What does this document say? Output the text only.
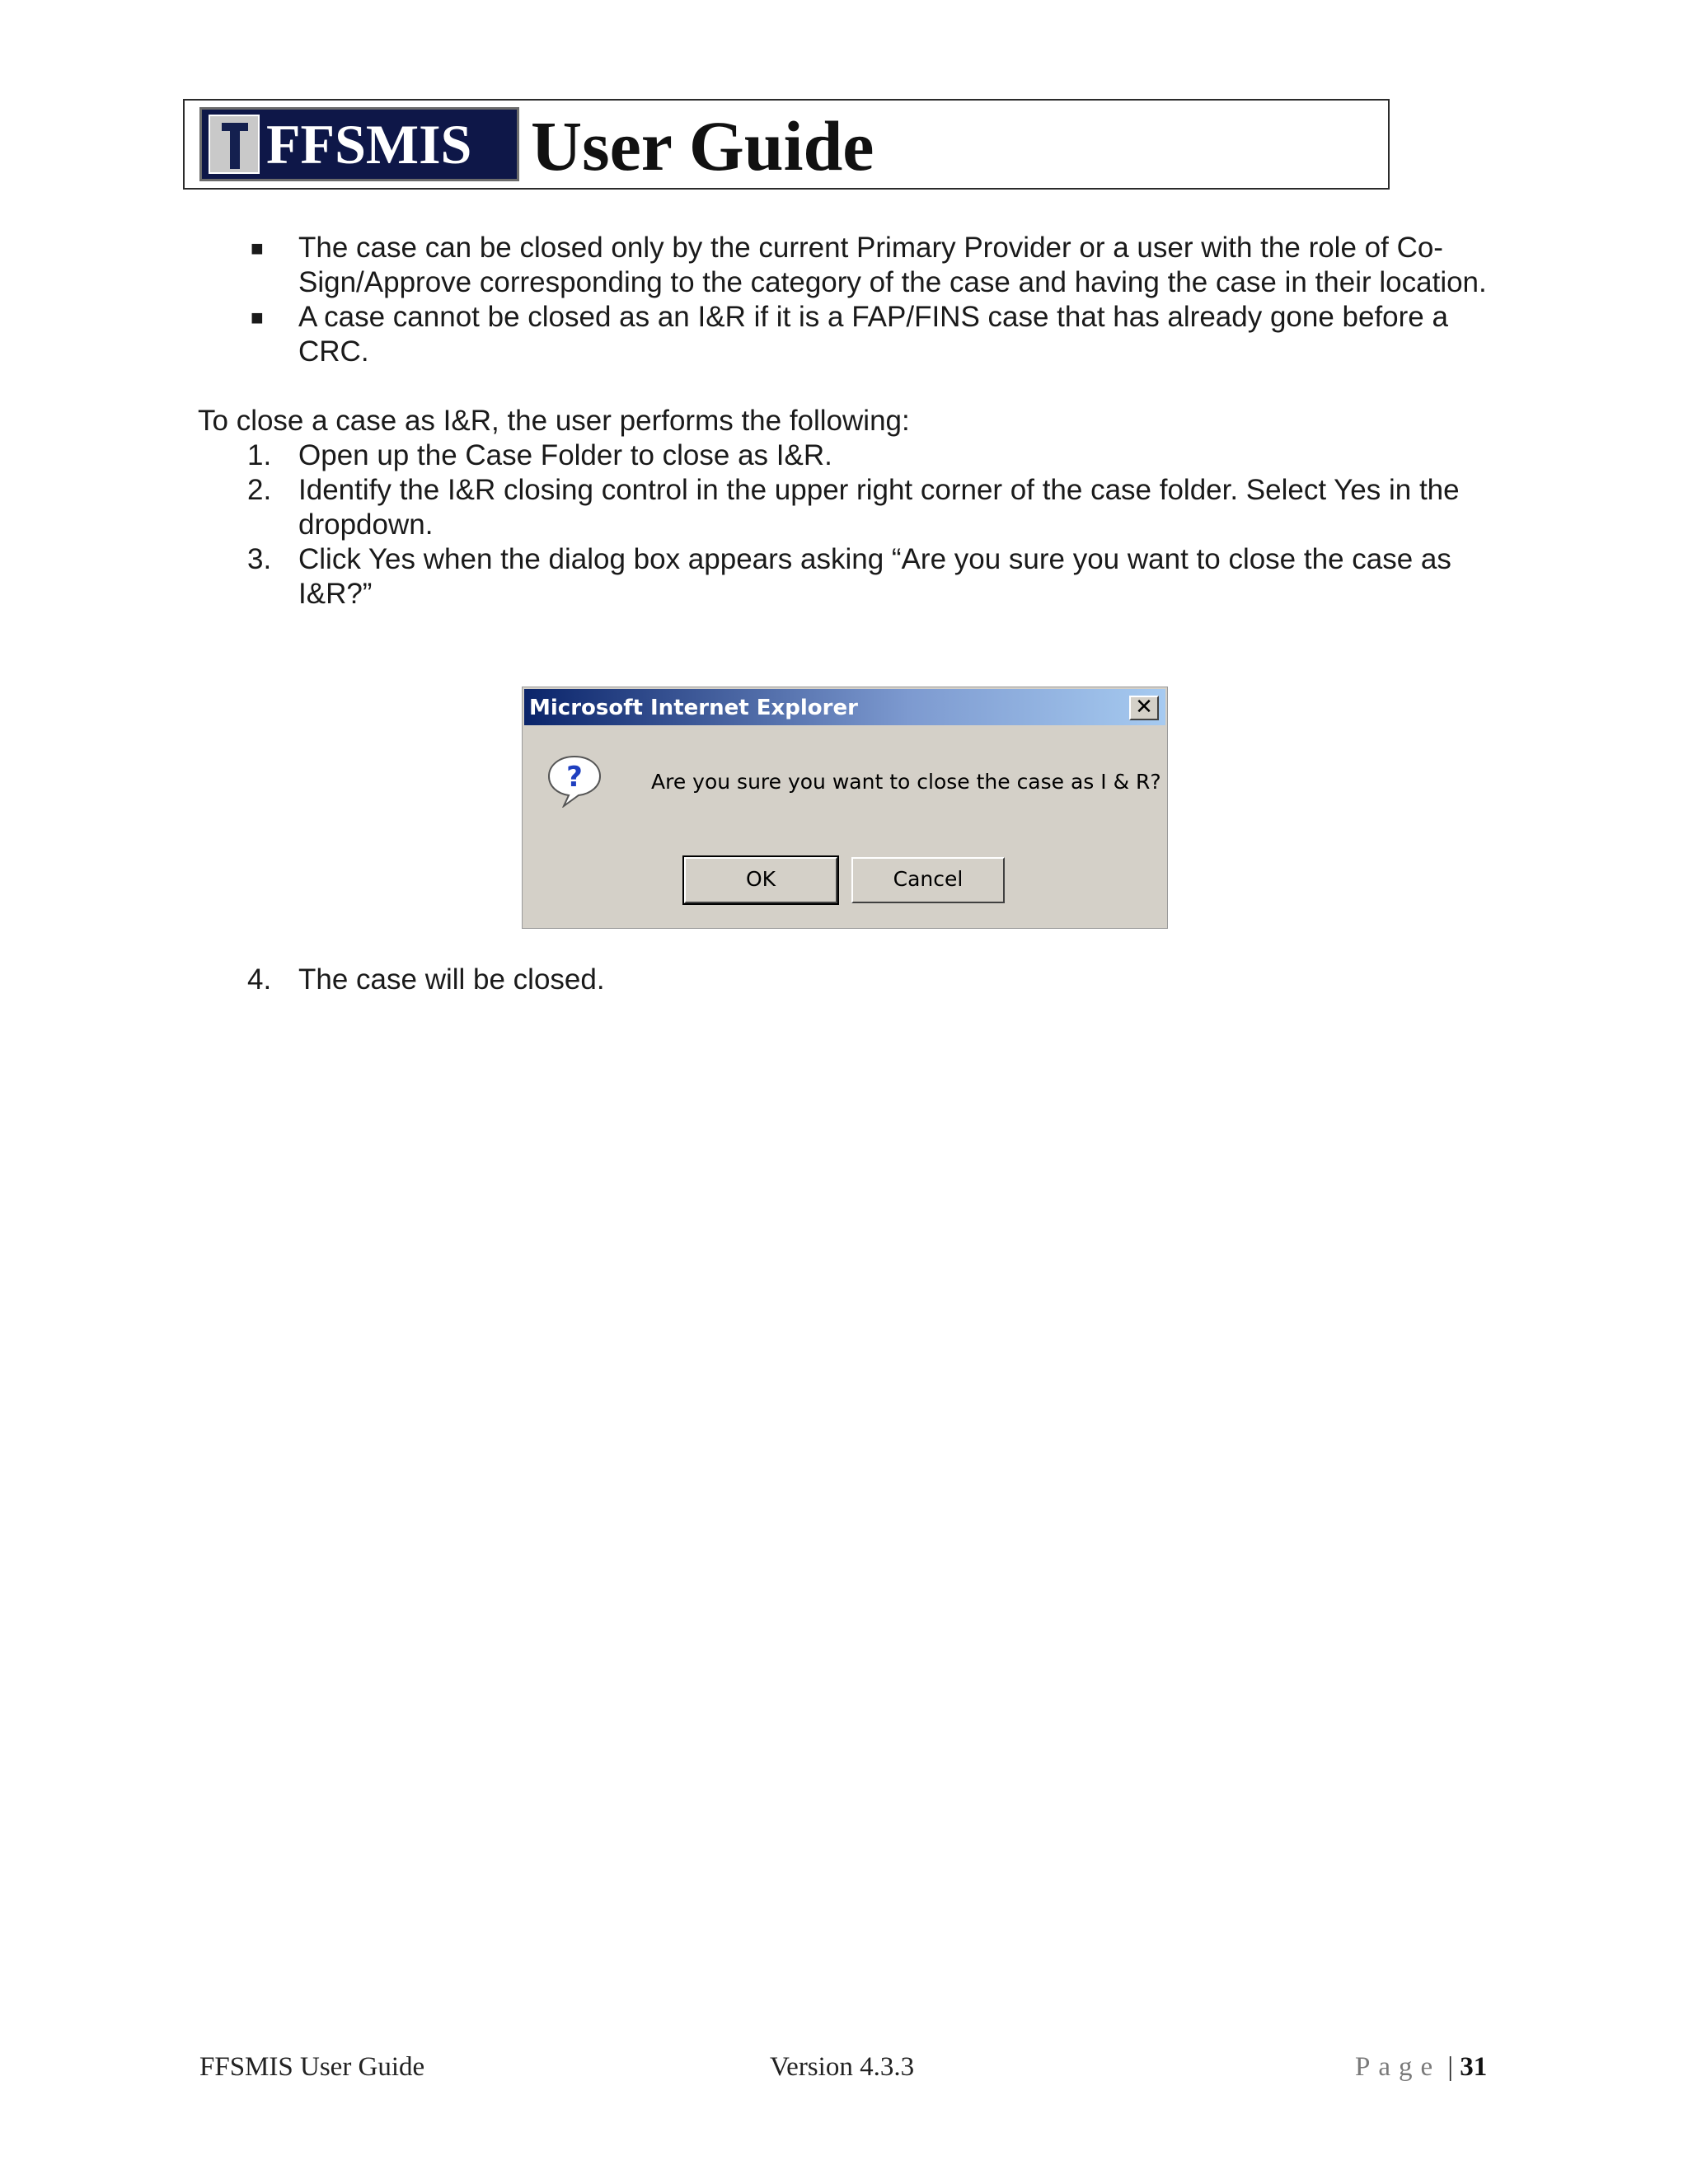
FFSMIS User Guide
■ The case can be closed only by the current Primary Provider or a user with the role of Co-Sign/Approve corresponding to the category of the case and having the case in their location.
■ A case cannot be closed as an I&R if it is a FAP/FINS case that has already gone before a CRC.
To close a case as I&R, the user performs the following:
1. Open up the Case Folder to close as I&R.
2. Identify the I&R closing control in the upper right corner of the case folder. Select Yes in the dropdown.
3. Click Yes when the dialog box appears asking “Are you sure you want to close the case as I&R?”
Microsoft Internet Explorer	✕
?	Are you sure you want to close the case as I & R?
OK	Cancel
4. The case will be closed.
FFSMIS User Guide	Version 4.3.3	Page | 31
